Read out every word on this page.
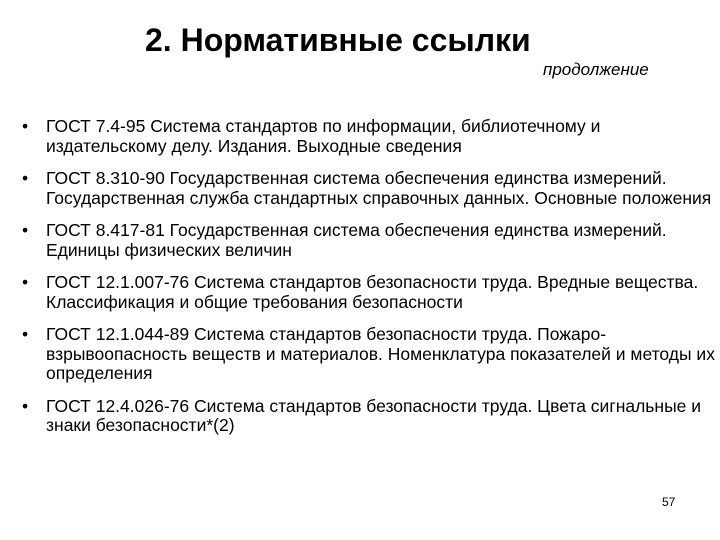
2. Нормативные ссылки
продолжение
• ГОСТ 7.4-95 Система стандартов по информации, библиотечному и издательскому делу. Издания. Выходные сведения
• ГОСТ 8.310-90 Государственная система обеспечения единства измерений. Государственная служба стандартных справочных данных. Основные положения
• ГОСТ 8.417-81 Государственная система обеспечения единства измерений. Единицы физических величин
• ГОСТ 12.1.007-76 Система стандартов безопасности труда. Вредные вещества. Классификация и общие требования безопасности
• ГОСТ 12.1.044-89 Система стандартов безопасности труда. Пожаро- взрывоопасность веществ и материалов. Номенклатура показателей и методы их определения
• ГОСТ 12.4.026-76 Система стандартов безопасности труда. Цвета сигнальные и знаки безопасности*(2)
57
